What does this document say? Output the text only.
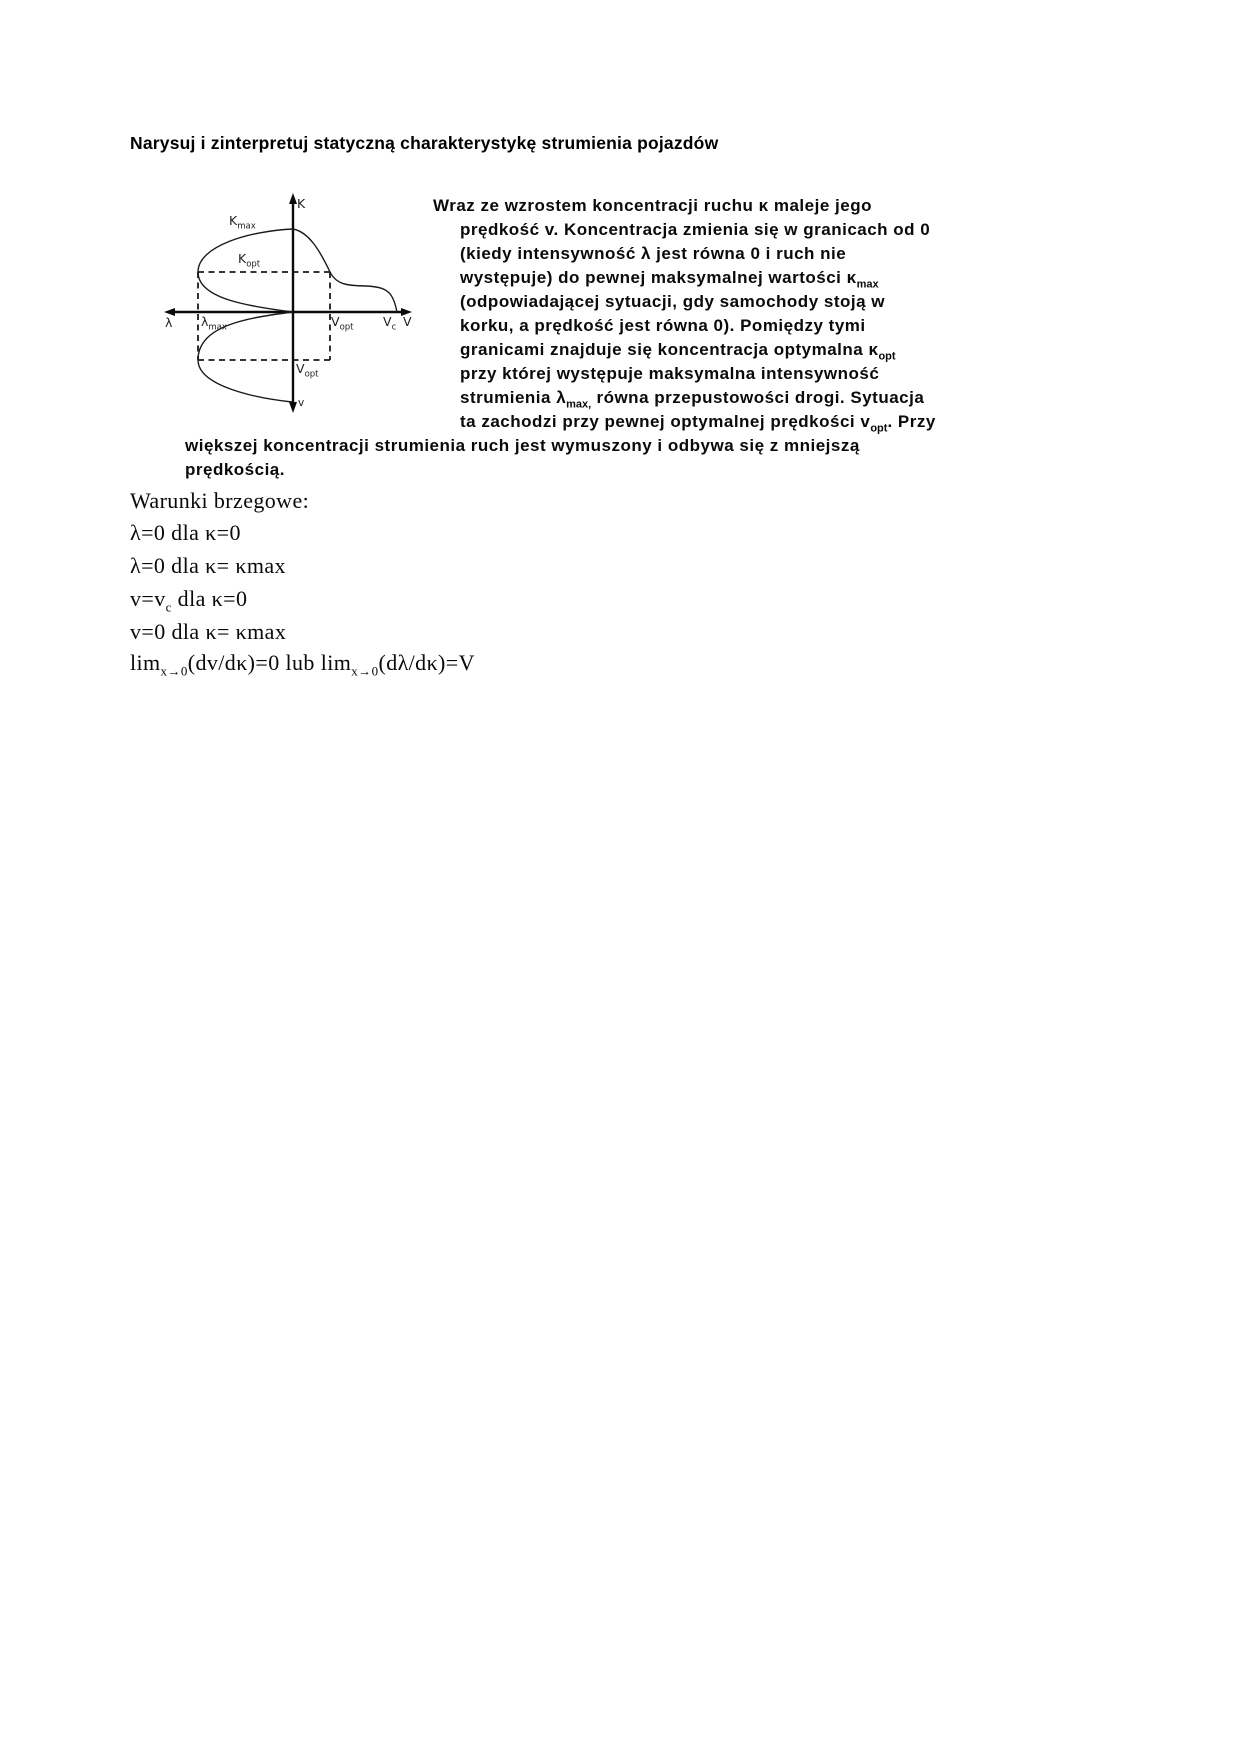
Narysuj i zinterpretuj statyczną charakterystykę strumienia pojazdów
K
$K_{max}$
$K_{opt}$
λ $\lambda_{max}$	$V_{opt}$ $V_c$ V
$V_{opt}$
v
Wraz ze wzrostem koncentracji ruchu κ maleje jego
prędkość v. Koncentracja zmienia się w granicach od 0
(kiedy intensywność λ jest równa 0 i ruch nie
występuje) do pewnej maksymalnej wartości $\kappa_{max}$
(odpowiadającej sytuacji, gdy samochody stoją w
korku, a prędkość jest równa 0). Pomiędzy tymi
granicami znajduje się koncentracja optymalna $\kappa_{opt}$
przy której występuje maksymalna intensywność
strumienia $\lambda_{max,}$ równa przepustowości drogi. Sytuacja
ta zachodzi przy pewnej optymalnej prędkości $v_{opt}$. Przy
większej koncentracji strumienia ruch jest wymuszony i odbywa się z mniejszą
prędkością.
Warunki brzegowe:
λ=0 dla κ=0
λ=0 dla κ= κmax
$v=v_c$ dla κ=0
v=0 dla κ= κmax
$\lim_{x\to 0}(dv/d\kappa)=0$ lub $\lim_{x\to 0}(d\lambda/d\kappa)=V$
